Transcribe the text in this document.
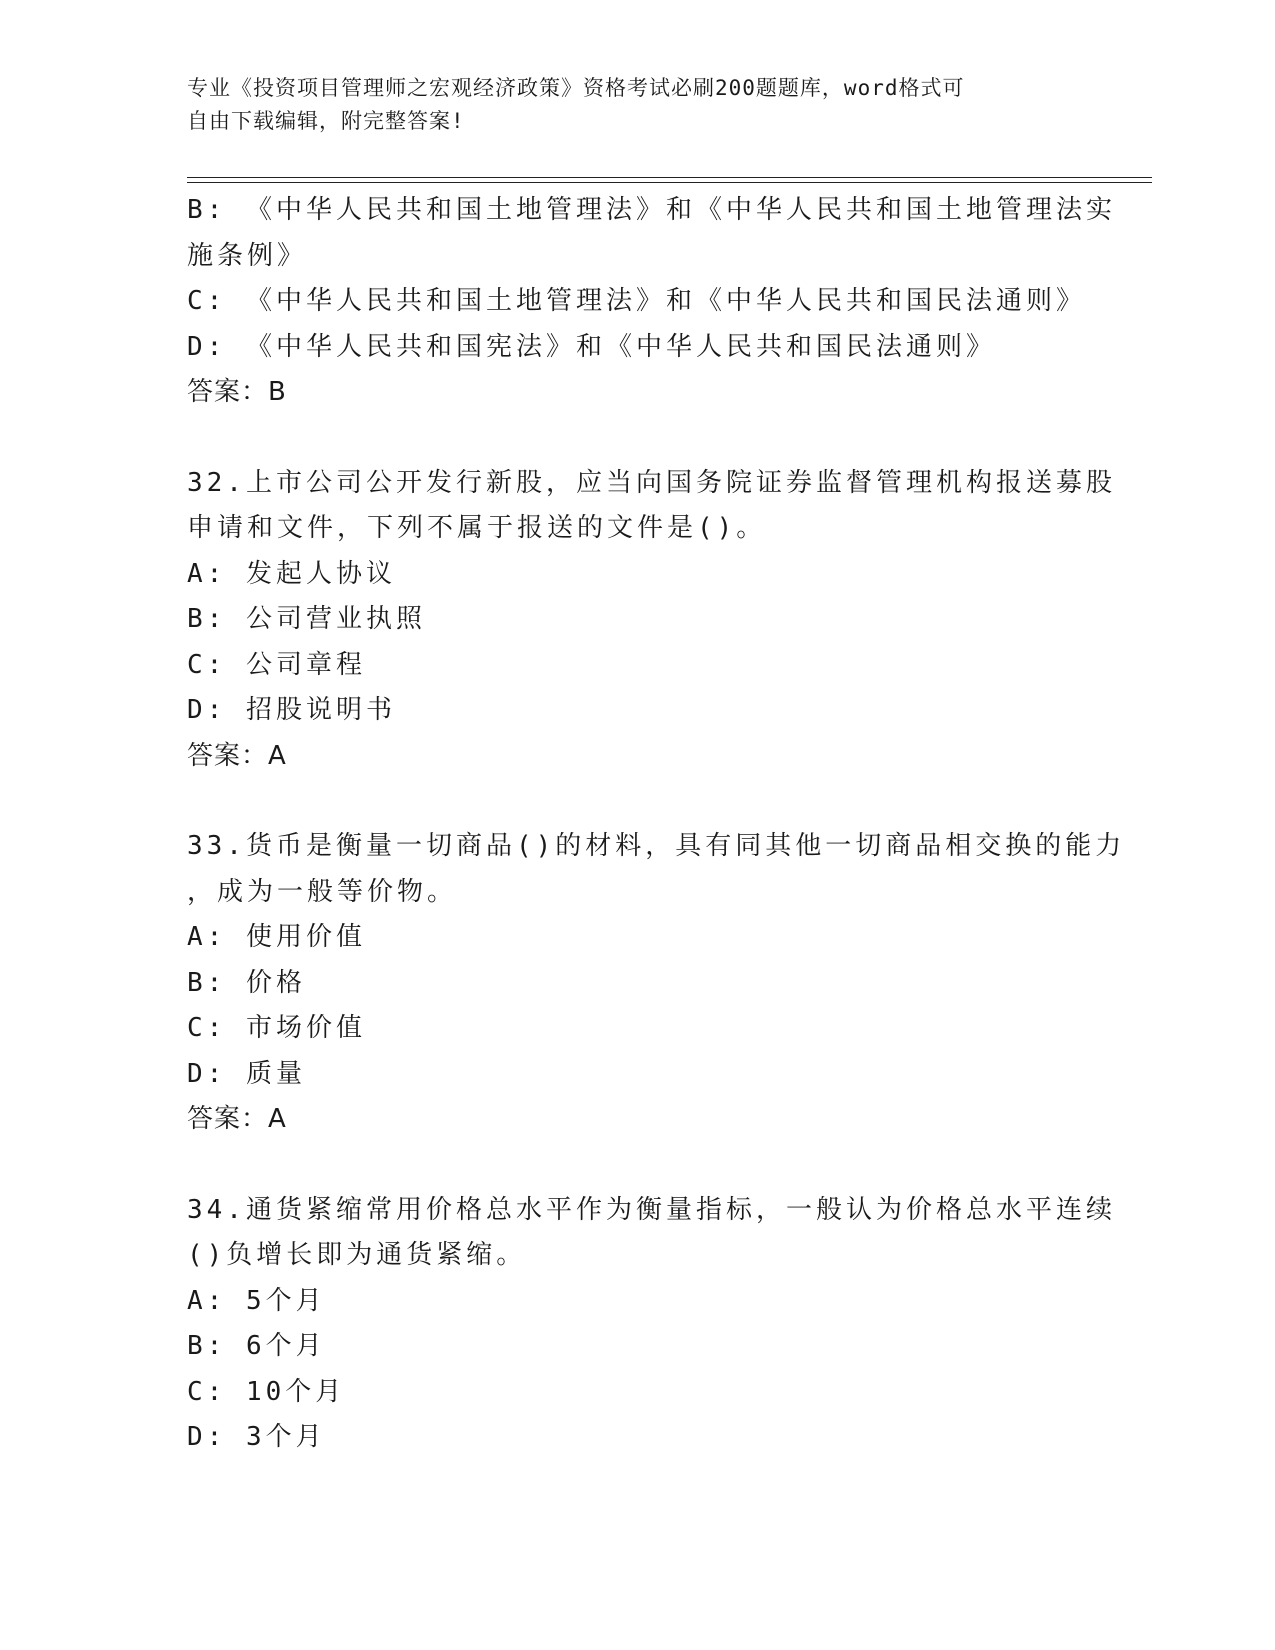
专业《投资项目管理师之宏观经济政策》资格考试必刷200题题库，word格式可
自由下载编辑，附完整答案!
B: 《中华人民共和国土地管理法》和《中华人民共和国土地管理法实
施条例》
C: 《中华人民共和国土地管理法》和《中华人民共和国民法通则》
D: 《中华人民共和国宪法》和《中华人民共和国民法通则》
答案：B
32.上市公司公开发行新股，应当向国务院证券监督管理机构报送募股
申请和文件，下列不属于报送的文件是()。
A: 发起人协议
B: 公司营业执照
C: 公司章程
D: 招股说明书
答案：A
33.货币是衡量一切商品()的材料，具有同其他一切商品相交换的能力
，成为一般等价物。
A: 使用价值
B: 价格
C: 市场价值
D: 质量
答案：A
34.通货紧缩常用价格总水平作为衡量指标，一般认为价格总水平连续
()负增长即为通货紧缩。
A: 5个月
B: 6个月
C: 10个月
D: 3个月
